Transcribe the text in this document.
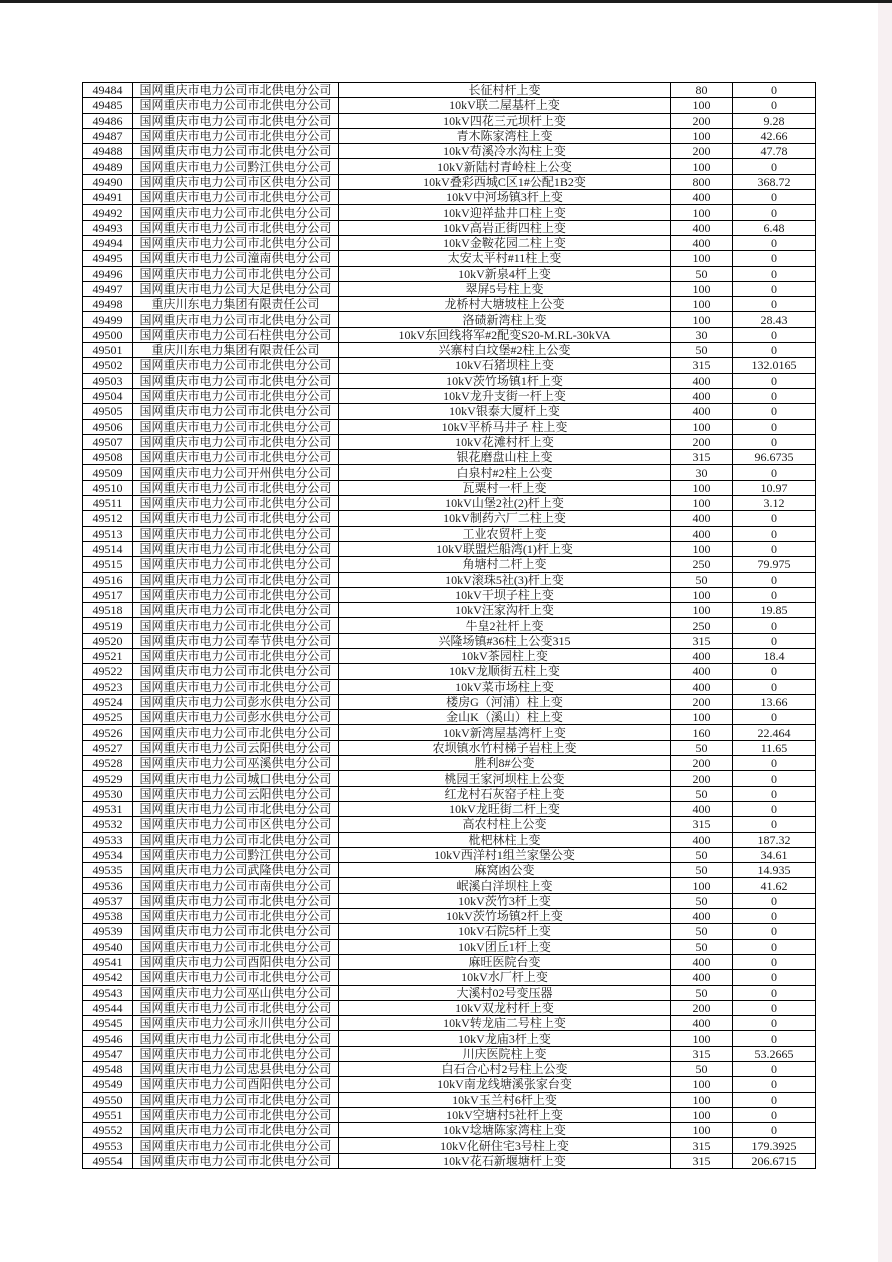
49484	国网重庆市电力公司市北供电分公司	长征村杆上变	80	0
49485	国网重庆市电力公司市北供电分公司	10kV联二屋基杆上变	100	0
49486	国网重庆市电力公司市北供电分公司	10kV四花三元坝杆上变	200	9.28
49487	国网重庆市电力公司市北供电分公司	青木陈家湾柱上变	100	42.66
49488	国网重庆市电力公司市北供电分公司	10kV苟溪冷水沟柱上变	200	47.78
49489	国网重庆市电力公司黔江供电分公司	10kV新陆村青岭柱上公变	100	0
49490	国网重庆市电力公司市区供电分公司	10kV叠彩西城C区1#公配1B2变	800	368.72
49491	国网重庆市电力公司市北供电分公司	10kV中河场镇3杆上变	400	0
49492	国网重庆市电力公司市北供电分公司	10kV迎祥盐井口柱上变	100	0
49493	国网重庆市电力公司市北供电分公司	10kV高岩正街四柱上变	400	6.48
49494	国网重庆市电力公司市北供电分公司	10kV金鞍花园二柱上变	400	0
49495	国网重庆市电力公司潼南供电分公司	太安太平村#11柱上变	100	0
49496	国网重庆市电力公司市北供电分公司	10kV新泉4杆上变	50	0
49497	国网重庆市电力公司大足供电分公司	翠屏5号柱上变	100	0
49498	重庆川东电力集团有限责任公司	龙桥村大塘坡柱上公变	100	0
49499	国网重庆市电力公司市北供电分公司	洛碛新湾柱上变	100	28.43
49500	国网重庆市电力公司石柱供电分公司	10kV东回线将军#2配变S20-M.RL-30kVA	30	0
49501	重庆川东电力集团有限责任公司	兴寨村白坟堡#2柱上公变	50	0
49502	国网重庆市电力公司市北供电分公司	10kV石猪坝柱上变	315	132.0165
49503	国网重庆市电力公司市北供电分公司	10kV茨竹场镇1杆上变	400	0
49504	国网重庆市电力公司市北供电分公司	10kV龙升支街一杆上变	400	0
49505	国网重庆市电力公司市北供电分公司	10kV银泰大厦杆上变	400	0
49506	国网重庆市电力公司市北供电分公司	10kV平桥马井子 柱上变	100	0
49507	国网重庆市电力公司市北供电分公司	10kV花滩村杆上变	200	0
49508	国网重庆市电力公司市北供电分公司	银花磨盘山柱上变	315	96.6735
49509	国网重庆市电力公司开州供电分公司	白泉村#2柱上公变	30	0
49510	国网重庆市电力公司市北供电分公司	瓦粟村一杆上变	100	10.97
49511	国网重庆市电力公司市北供电分公司	10kV山堡2社(2)杆上变	100	3.12
49512	国网重庆市电力公司市北供电分公司	10kV制药六厂二柱上变	400	0
49513	国网重庆市电力公司市北供电分公司	工业农贸杆上变	400	0
49514	国网重庆市电力公司市北供电分公司	10kV联盟烂船湾(1)杆上变	100	0
49515	国网重庆市电力公司市北供电分公司	角塘村二杆上变	250	79.975
49516	国网重庆市电力公司市北供电分公司	10kV滚珠5社(3)杆上变	50	0
49517	国网重庆市电力公司市北供电分公司	10kV干坝子柱上变	100	0
49518	国网重庆市电力公司市北供电分公司	10kV汪家沟杆上变	100	19.85
49519	国网重庆市电力公司市北供电分公司	牛皇2社杆上变	250	0
49520	国网重庆市电力公司奉节供电分公司	兴隆场镇#36柱上公变315	315	0
49521	国网重庆市电力公司市北供电分公司	10kV茶园柱上变	400	18.4
49522	国网重庆市电力公司市北供电分公司	10kV龙顺街五柱上变	400	0
49523	国网重庆市电力公司市北供电分公司	10kV菜市场柱上变	400	0
49524	国网重庆市电力公司彭水供电分公司	楼房G（河浦）柱上变	200	13.66
49525	国网重庆市电力公司彭水供电分公司	金山K（溪山）柱上变	100	0
49526	国网重庆市电力公司市北供电分公司	10kV新湾屋基湾杆上变	160	22.464
49527	国网重庆市电力公司云阳供电分公司	农坝镇水竹村梯子岩柱上变	50	11.65
49528	国网重庆市电力公司巫溪供电分公司	胜利8#公变	200	0
49529	国网重庆市电力公司城口供电分公司	桃园王家河坝柱上公变	200	0
49530	国网重庆市电力公司云阳供电分公司	红龙村石灰窑子柱上变	50	0
49531	国网重庆市电力公司市北供电分公司	10kV龙旺街二杆上变	400	0
49532	国网重庆市电力公司市区供电分公司	高农村柱上公变	315	0
49533	国网重庆市电力公司市北供电分公司	枇杷林柱上变	400	187.32
49534	国网重庆市电力公司黔江供电分公司	10kV西洋村1组兰家堡公变	50	34.61
49535	国网重庆市电力公司武隆供电分公司	麻窝凼公变	50	14.935
49536	国网重庆市电力公司市南供电分公司	岷溪白洋坝柱上变	100	41.62
49537	国网重庆市电力公司市北供电分公司	10kV茨竹3杆上变	50	0
49538	国网重庆市电力公司市北供电分公司	10kV茨竹场镇2杆上变	400	0
49539	国网重庆市电力公司市北供电分公司	10kV石院5杆上变	50	0
49540	国网重庆市电力公司市北供电分公司	10kV团丘1杆上变	50	0
49541	国网重庆市电力公司酉阳供电分公司	麻旺医院台变	400	0
49542	国网重庆市电力公司市北供电分公司	10kV水厂杆上变	400	0
49543	国网重庆市电力公司巫山供电分公司	大溪村02号变压器	50	0
49544	国网重庆市电力公司市北供电分公司	10kV双龙村杆上变	200	0
49545	国网重庆市电力公司永川供电分公司	10kV转龙庙二号柱上变	400	0
49546	国网重庆市电力公司市北供电分公司	10kV龙庙3杆上变	100	0
49547	国网重庆市电力公司市北供电分公司	川庆医院柱上变	315	53.2665
49548	国网重庆市电力公司忠县供电分公司	白石合心村2号柱上公变	50	0
49549	国网重庆市电力公司酉阳供电分公司	10kV南龙线塘溪张家台变	100	0
49550	国网重庆市电力公司市北供电分公司	10kV玉兰村6杆上变	100	0
49551	国网重庆市电力公司市北供电分公司	10kV空塘村5社杆上变	100	0
49552	国网重庆市电力公司市北供电分公司	10kV埝塘陈家湾柱上变	100	0
49553	国网重庆市电力公司市北供电分公司	10kV化研住宅3号柱上变	315	179.3925
49554	国网重庆市电力公司市北供电分公司	10kV花石新堰塘杆上变	315	206.6715
